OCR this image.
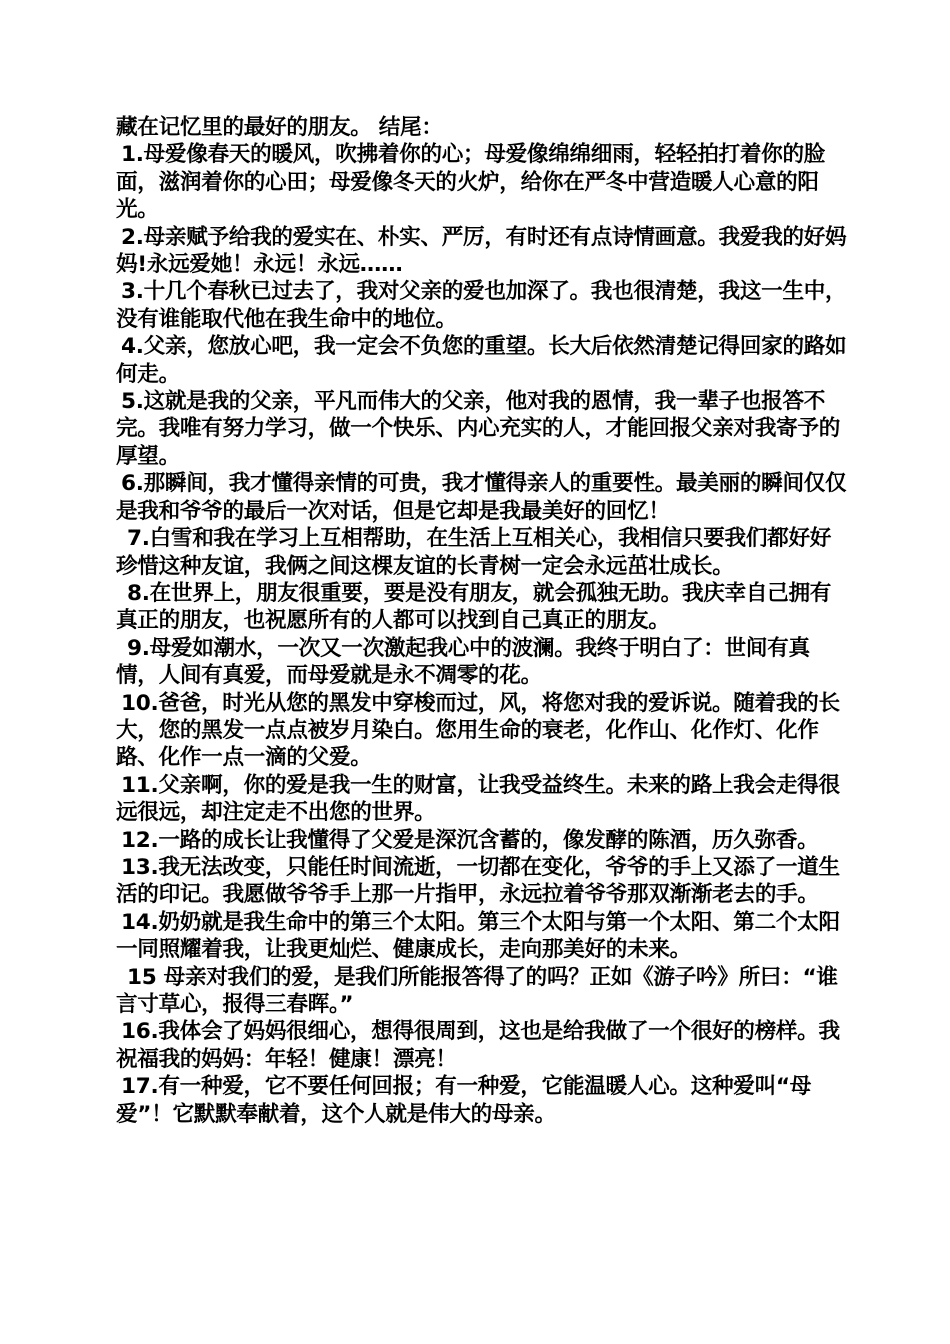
藏在记忆里的最好的朋友。 结尾：

1.母爱像春天的暖风，吹拂着你的心；母爱像绵绵细雨，轻轻拍打着你的脸面，滋润着你的心田；母爱像冬天的火炉，给你在严冬中营造暖人心意的阳光。

2.母亲赋予给我的爱实在、朴实、严厉，有时还有点诗情画意。我爱我的好妈妈!永远爱她！永远！永远……

3.十几个春秋已过去了，我对父亲的爱也加深了。我也很清楚，我这一生中，没有谁能取代他在我生命中的地位。

4.父亲，您放心吧，我一定会不负您的重望。长大后依然清楚记得回家的路如何走。

5.这就是我的父亲，平凡而伟大的父亲，他对我的恩情，我一辈子也报答不完。我唯有努力学习，做一个快乐、内心充实的人，才能回报父亲对我寄予的厚望。

6.那瞬间，我才懂得亲情的可贵，我才懂得亲人的重要性。最美丽的瞬间仅仅是我和爷爷的最后一次对话，但是它却是我最美好的回忆！

7.白雪和我在学习上互相帮助，在生活上互相关心，我相信只要我们都好好珍惜这种友谊，我俩之间这棵友谊的长青树一定会永远茁壮成长。

8.在世界上，朋友很重要，要是没有朋友，就会孤独无助。我庆幸自己拥有真正的朋友，也祝愿所有的人都可以找到自己真正的朋友。

9.母爱如潮水，一次又一次激起我心中的波澜。我终于明白了：世间有真情，人间有真爱，而母爱就是永不凋零的花。

10.爸爸，时光从您的黑发中穿梭而过，风，将您对我的爱诉说。随着我的长大，您的黑发一点点被岁月染白。您用生命的衰老，化作山、化作灯、化作路、化作一点一滴的父爱。

11.父亲啊，你的爱是我一生的财富，让我受益终生。未来的路上我会走得很远很远，却注定走不出您的世界。

12.一路的成长让我懂得了父爱是深沉含蓄的，像发酵的陈酒，历久弥香。

13.我无法改变，只能任时间流逝，一切都在变化，爷爷的手上又添了一道生活的印记。我愿做爷爷手上那一片指甲，永远拉着爷爷那双渐渐老去的手。

14.奶奶就是我生命中的第三个太阳。第三个太阳与第一个太阳、第二个太阳一同照耀着我，让我更灿烂、健康成长，走向那美好的未来。

15 母亲对我们的爱，是我们所能报答得了的吗？正如《游子吟》所曰：“谁言寸草心，报得三春晖。”

16.我体会了妈妈很细心，想得很周到，这也是给我做了一个很好的榜样。我祝福我的妈妈：年轻！健康！漂亮！

17.有一种爱，它不要任何回报；有一种爱，它能温暖人心。这种爱叫“母爱”！它默默奉献着，这个人就是伟大的母亲。
